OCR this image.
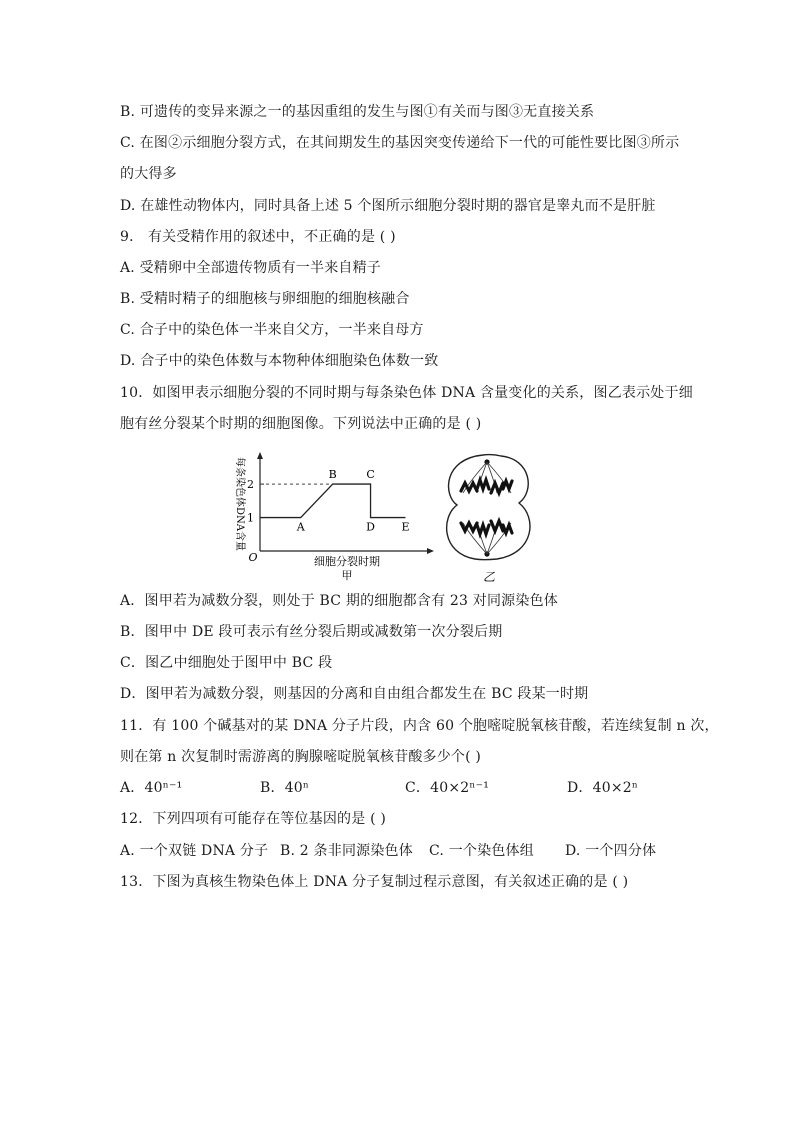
B. 可遗传的变异来源之一的基因重组的发生与图①有关而与图③无直接关系
C. 在图②示细胞分裂方式，在其间期发生的基因突变传递给下一代的可能性要比图③所示
的大得多
D. 在雄性动物体内，同时具备上述 5 个图所示细胞分裂时期的器官是睾丸而不是肝脏
9． 有关受精作用的叙述中，不正确的是 ( )
A. 受精卵中全部遗传物质有一半来自精子
B. 受精时精子的细胞核与卵细胞的细胞核融合
C. 合子中的染色体一半来自父方，一半来自母方
D. 合子中的染色体数与本物种体细胞染色体数一致
10．如图甲表示细胞分裂的不同时期与每条染色体 DNA 含量变化的关系，图乙表示处于细
胞有丝分裂某个时期的细胞图像。下列说法中正确的是 ( )
O
每条染色体DNA含量
细胞分裂时期
甲
1
2
A
B	C
D E
乙
A．图甲若为减数分裂，则处于 BC 期的细胞都含有 23 对同源染色体
B．图甲中 DE 段可表示有丝分裂后期或减数第一次分裂后期
C．图乙中细胞处于图甲中 BC 段
D．图甲若为减数分裂，则基因的分离和自由组合都发生在 BC 段某一时期
11．有 100 个碱基对的某 DNA 分子片段，内含 60 个胞嘧啶脱氧核苷酸，若连续复制 n 次，
则在第 n 次复制时需游离的胸腺嘧啶脱氧核苷酸多少个( )
A．40ⁿ⁻¹	B．40ⁿ	C．40×2ⁿ⁻¹	D．40×2ⁿ
12．下列四项有可能存在等位基因的是 ( )
A. 一个双链 DNA 分子 B. 2 条非同源染色体 C. 一个染色体组 D. 一个四分体
13．下图为真核生物染色体上 DNA 分子复制过程示意图，有关叙述正确的是 ( )
